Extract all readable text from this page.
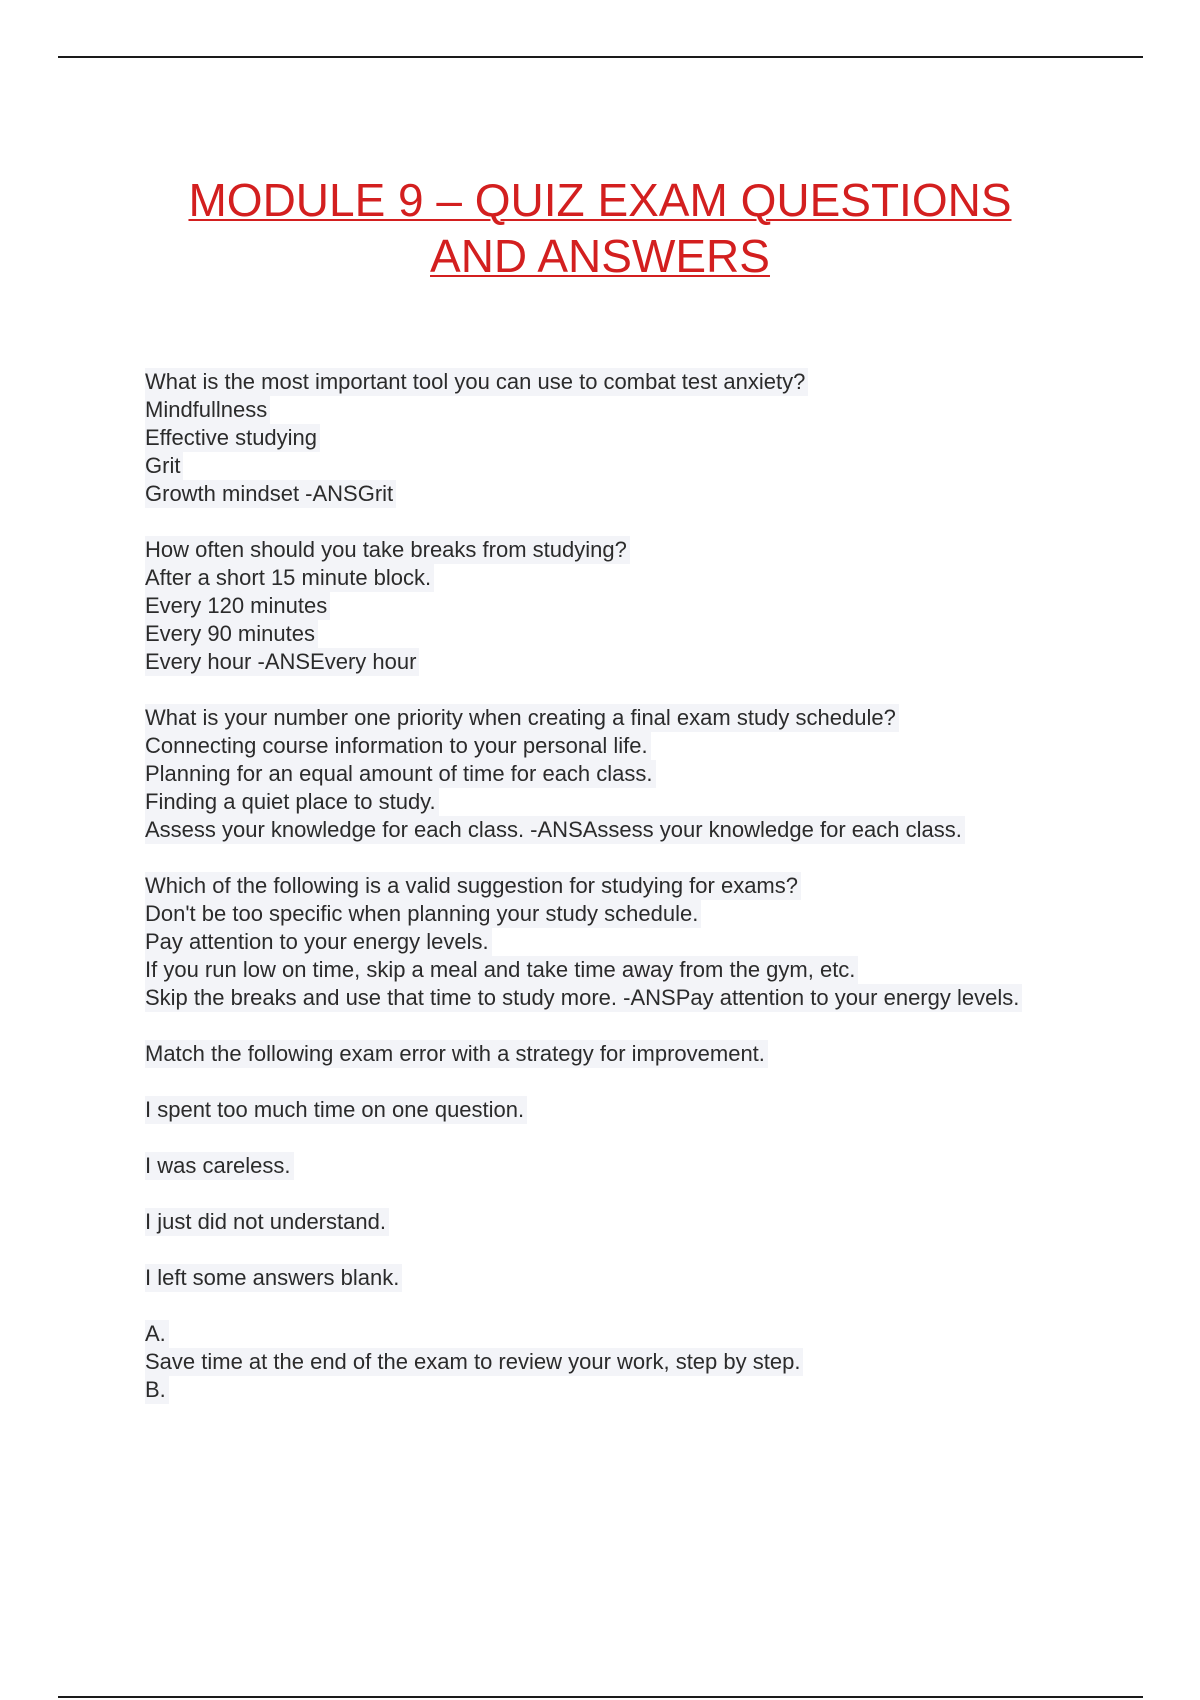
MODULE 9 – QUIZ EXAM QUESTIONS
AND ANSWERS
What is the most important tool you can use to combat test anxiety?
Mindfullness
Effective studying
Grit
Growth mindset -ANSGrit
How often should you take breaks from studying?
After a short 15 minute block.
Every 120 minutes
Every 90 minutes
Every hour -ANSEvery hour
What is your number one priority when creating a final exam study schedule?
Connecting course information to your personal life.
Planning for an equal amount of time for each class.
Finding a quiet place to study.
Assess your knowledge for each class. -ANSAssess your knowledge for each class.
Which of the following is a valid suggestion for studying for exams?
Don't be too specific when planning your study schedule.
Pay attention to your energy levels.
If you run low on time, skip a meal and take time away from the gym, etc.
Skip the breaks and use that time to study more. -ANSPay attention to your energy levels.
Match the following exam error with a strategy for improvement.
I spent too much time on one question.
I was careless.
I just did not understand.
I left some answers blank.
A.
Save time at the end of the exam to review your work, step by step.
B.
